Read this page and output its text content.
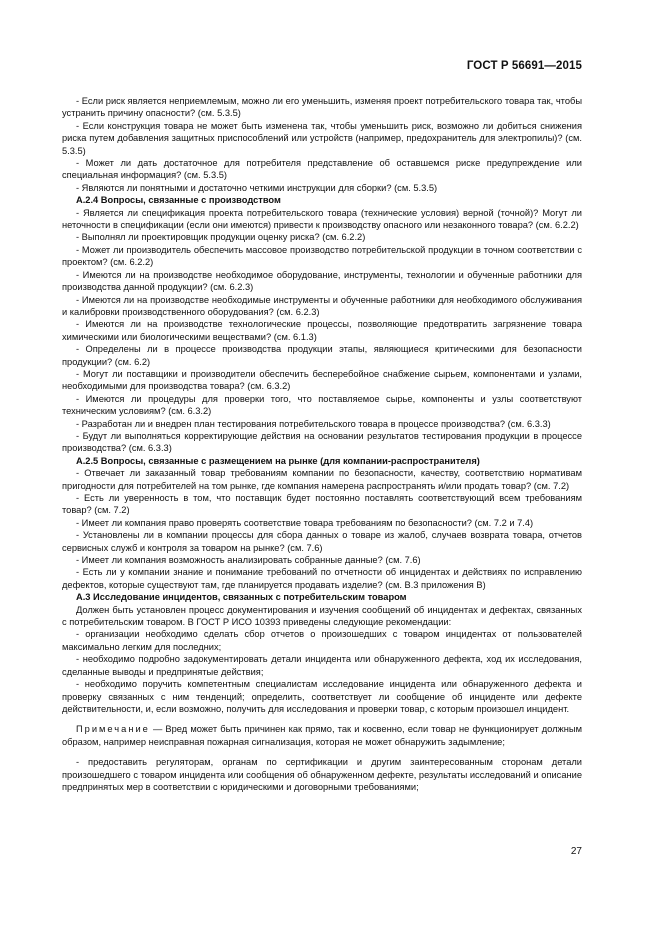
ГОСТ Р 56691—2015

- Если риск является неприемлемым, можно ли его уменьшить, изменяя проект потребительского товара так, чтобы устранить причину опасности? (см. 5.3.5)

- Если конструкция товара не может быть изменена так, чтобы уменьшить риск, возможно ли добиться снижения риска путем добавления защитных приспособлений или устройств (например, предохранитель для электропилы)? (см. 5.3.5)

- Может ли дать достаточное для потребителя представление об оставшемся риске предупреждение или специальная информация? (см. 5.3.5)

- Являются ли понятными и достаточно четкими инструкции для сборки? (см. 5.3.5)

А.2.4 Вопросы, связанные с производством

- Является ли спецификация проекта потребительского товара (технические условия) верной (точной)? Могут ли неточности в спецификации (если они имеются) привести к производству опасного или незаконного товара? (см. 6.2.2)

- Выполнял ли проектировщик продукции оценку риска? (см. 6.2.2)

- Может ли производитель обеспечить массовое производство потребительской продукции в точном соответствии с проектом? (см. 6.2.2)

- Имеются ли на производстве необходимое оборудование, инструменты, технологии и обученные работники для производства данной продукции? (см. 6.2.3)

- Имеются ли на производстве необходимые инструменты и обученные работники для необходимого обслуживания и калибровки производственного оборудования? (см. 6.2.3)

- Имеются ли на производстве технологические процессы, позволяющие предотвратить загрязнение товара химическими или биологическими веществами? (см. 6.1.3)

- Определены ли в процессе производства продукции этапы, являющиеся критическими для безопасности продукции? (см. 6.2)

- Могут ли поставщики и производители обеспечить бесперебойное снабжение сырьем, компонентами и узлами, необходимыми для производства товара? (см. 6.3.2)

- Имеются ли процедуры для проверки того, что поставляемое сырье, компоненты и узлы соответствуют техническим условиям? (см. 6.3.2)

- Разработан ли и внедрен план тестирования потребительского товара в процессе производства? (см. 6.3.3)

- Будут ли выполняться корректирующие действия на основании результатов тестирования продукции в процессе производства? (см. 6.3.3)

А.2.5 Вопросы, связанные с размещением на рынке (для компании-распространителя)

- Отвечает ли заказанный товар требованиям компании по безопасности, качеству, соответствию нормативам пригодности для потребителей на том рынке, где компания намерена распространять и/или продать товар? (см. 7.2)

- Есть ли уверенность в том, что поставщик будет постоянно поставлять соответствующий всем требованиям товар? (см. 7.2)

- Имеет ли компания право проверять соответствие товара требованиям по безопасности? (см. 7.2 и 7.4)

- Установлены ли в компании процессы для сбора данных о товаре из жалоб, случаев возврата товара, отчетов сервисных служб и контроля за товаром на рынке? (см. 7.6)

- Имеет ли компания возможность анализировать собранные данные? (см. 7.6)

- Есть ли у компании знание и понимание требований по отчетности об инцидентах и действиях по исправлению дефектов, которые существуют там, где планируется продавать изделие? (см. В.3 приложения В)

А.3 Исследование инцидентов, связанных с потребительским товаром

Должен быть установлен процесс документирования и изучения сообщений об инцидентах и дефектах, связанных с потребительским товаром. В ГОСТ Р ИСО 10393 приведены следующие рекомендации:

- организации необходимо сделать сбор отчетов о произошедших с товаром инцидентах от пользователей максимально легким для последних;

- необходимо подробно задокументировать детали инцидента или обнаруженного дефекта, ход их исследования, сделанные выводы и предпринятые действия;

- необходимо поручить компетентным специалистам исследование инцидента или обнаруженного дефекта и проверку связанных с ним тенденций; определить, соответствует ли сообщение об инциденте или дефекте действительности, и, если возможно, получить для исследования и проверки товар, с которым произошел инцидент.

Примечание — Вред может быть причинен как прямо, так и косвенно, если товар не функционирует должным образом, например неисправная пожарная сигнализация, которая не может обнаружить задымление;

- предоставить регуляторам, органам по сертификации и другим заинтересованным сторонам детали произошедшего с товаром инцидента или сообщения об обнаруженном дефекте, результаты исследований и описание предпринятых мер в соответствии с юридическими и договорными требованиями;

27
